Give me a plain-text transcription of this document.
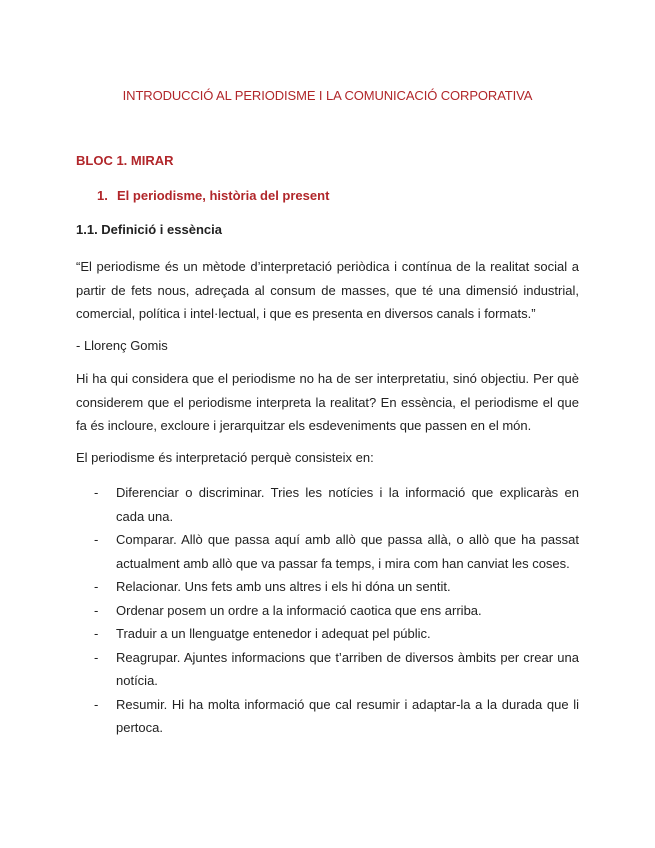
INTRODUCCIÓ AL PERIODISME I LA COMUNICACIÓ CORPORATIVA
BLOC 1. MIRAR
1. El periodisme, història del present
1.1. Definició i essència

“El periodisme és un mètode d’interpretació periòdica i contínua de la realitat social a partir de fets nous, adreçada al consum de masses, que té una dimensió industrial, comercial, política i intel·lectual, i que es presenta en diversos canals i formats.”

- Llorenç Gomis

Hi ha qui considera que el periodisme no ha de ser interpretatiu, sinó objectiu. Per què considerem que el periodisme interpreta la realitat? En essència, el periodisme el que fa és incloure, excloure i jerarquitzar els esdeveniments que passen en el món.

El periodisme és interpretació perquè consisteix en:

- Diferenciar o discriminar. Tries les notícies i la informació que explicaràs en cada una.
- Comparar. Allò que passa aquí amb allò que passa allà, o allò que ha passat actualment amb allò que va passar fa temps, i mira com han canviat les coses.
- Relacionar. Uns fets amb uns altres i els hi dóna un sentit.
- Ordenar posem un ordre a la informació caotica que ens arriba.
- Traduir a un llenguatge entenedor i adequat pel públic.
- Reagrupar. Ajuntes informacions que t’arriben de diversos àmbits per crear una notícia.
- Resumir. Hi ha molta informació que cal resumir i adaptar-la a la durada que li pertoca.
